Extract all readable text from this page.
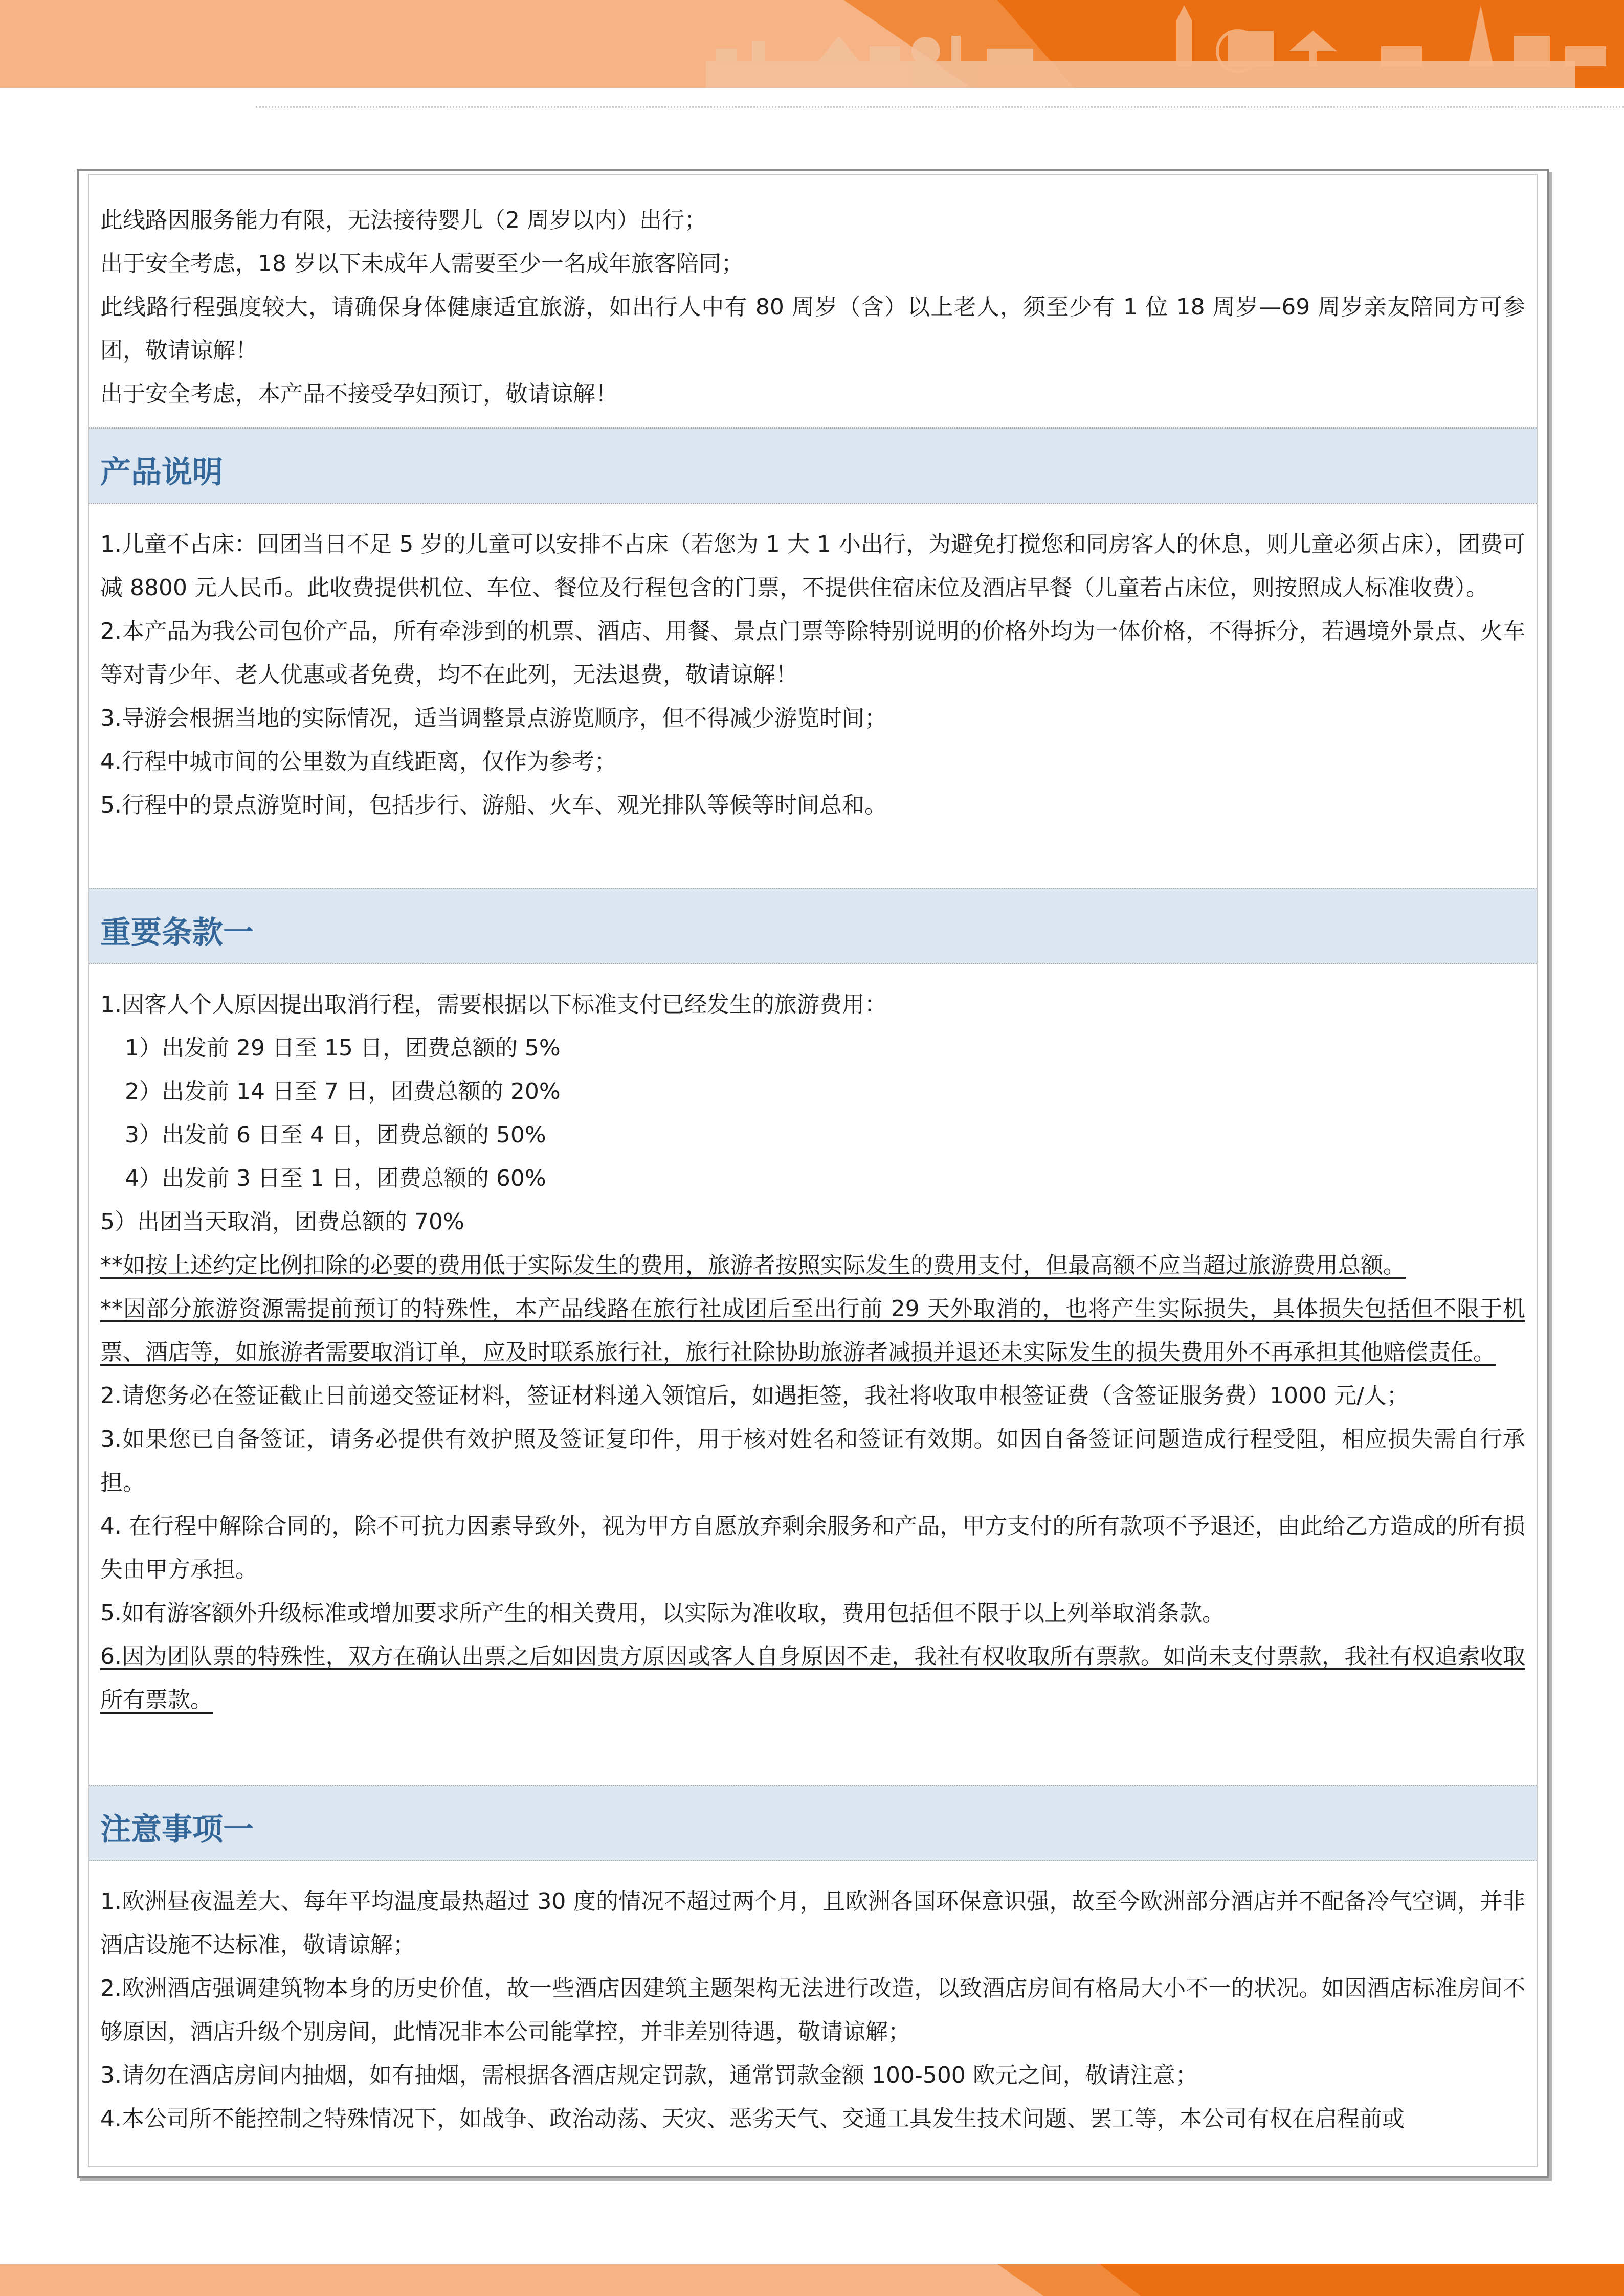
此线路因服务能力有限，无法接待婴儿（2 周岁以内）出行；

出于安全考虑，18 岁以下未成年人需要至少一名成年旅客陪同；

此线路行程强度较大，请确保身体健康适宜旅游，如出行人中有 80 周岁（含）以上老人，须至少有 1 位 18 周岁—69 周岁亲友陪同方可参团，敬请谅解！

出于安全考虑，本产品不接受孕妇预订，敬请谅解！

产品说明

1.儿童不占床：回团当日不足 5 岁的儿童可以安排不占床（若您为 1 大 1 小出行，为避免打搅您和同房客人的休息，则儿童必须占床），团费可减 8800 元人民币。此收费提供机位、车位、餐位及行程包含的门票，不提供住宿床位及酒店早餐（儿童若占床位，则按照成人标准收费）。

2.本产品为我公司包价产品，所有牵涉到的机票、酒店、用餐、景点门票等除特别说明的价格外均为一体价格，不得拆分，若遇境外景点、火车等对青少年、老人优惠或者免费，均不在此列，无法退费，敬请谅解！

3.导游会根据当地的实际情况，适当调整景点游览顺序，但不得减少游览时间；

4.行程中城市间的公里数为直线距离，仅作为参考；

5.行程中的景点游览时间，包括步行、游船、火车、观光排队等候等时间总和。

重要条款一

1.因客人个人原因提出取消行程，需要根据以下标准支付已经发生的旅游费用：

1）出发前 29 日至 15 日，团费总额的 5%

2）出发前 14 日至 7 日，团费总额的 20%

3）出发前 6 日至 4 日，团费总额的 50%

4）出发前 3 日至 1 日，团费总额的 60%

5）出团当天取消，团费总额的 70%

**如按上述约定比例扣除的必要的费用低于实际发生的费用，旅游者按照实际发生的费用支付，但最高额不应当超过旅游费用总额。

**因部分旅游资源需提前预订的特殊性，本产品线路在旅行社成团后至出行前 29 天外取消的，也将产生实际损失，具体损失包括但不限于机票、酒店等，如旅游者需要取消订单，应及时联系旅行社，旅行社除协助旅游者减损并退还未实际发生的损失费用外不再承担其他赔偿责任。

2.请您务必在签证截止日前递交签证材料，签证材料递入领馆后，如遇拒签，我社将收取申根签证费（含签证服务费）1000 元/人；

3.如果您已自备签证，请务必提供有效护照及签证复印件，用于核对姓名和签证有效期。如因自备签证问题造成行程受阻，相应损失需自行承担。

4. 在行程中解除合同的，除不可抗力因素导致外，视为甲方自愿放弃剩余服务和产品，甲方支付的所有款项不予退还，由此给乙方造成的所有损失由甲方承担。

5.如有游客额外升级标准或增加要求所产生的相关费用，以实际为准收取，费用包括但不限于以上列举取消条款。

6.因为团队票的特殊性，双方在确认出票之后如因贵方原因或客人自身原因不走，我社有权收取所有票款。如尚未支付票款，我社有权追索收取所有票款。

注意事项一

1.欧洲昼夜温差大、每年平均温度最热超过 30 度的情况不超过两个月，且欧洲各国环保意识强，故至今欧洲部分酒店并不配备冷气空调，并非酒店设施不达标准，敬请谅解；

2.欧洲酒店强调建筑物本身的历史价值，故一些酒店因建筑主题架构无法进行改造，以致酒店房间有格局大小不一的状况。如因酒店标准房间不够原因，酒店升级个别房间，此情况非本公司能掌控，并非差别待遇，敬请谅解；

3.请勿在酒店房间内抽烟，如有抽烟，需根据各酒店规定罚款，通常罚款金额 100-500 欧元之间，敬请注意；

4.本公司所不能控制之特殊情况下，如战争、政治动荡、天灾、恶劣天气、交通工具发生技术问题、罢工等，本公司有权在启程前或
